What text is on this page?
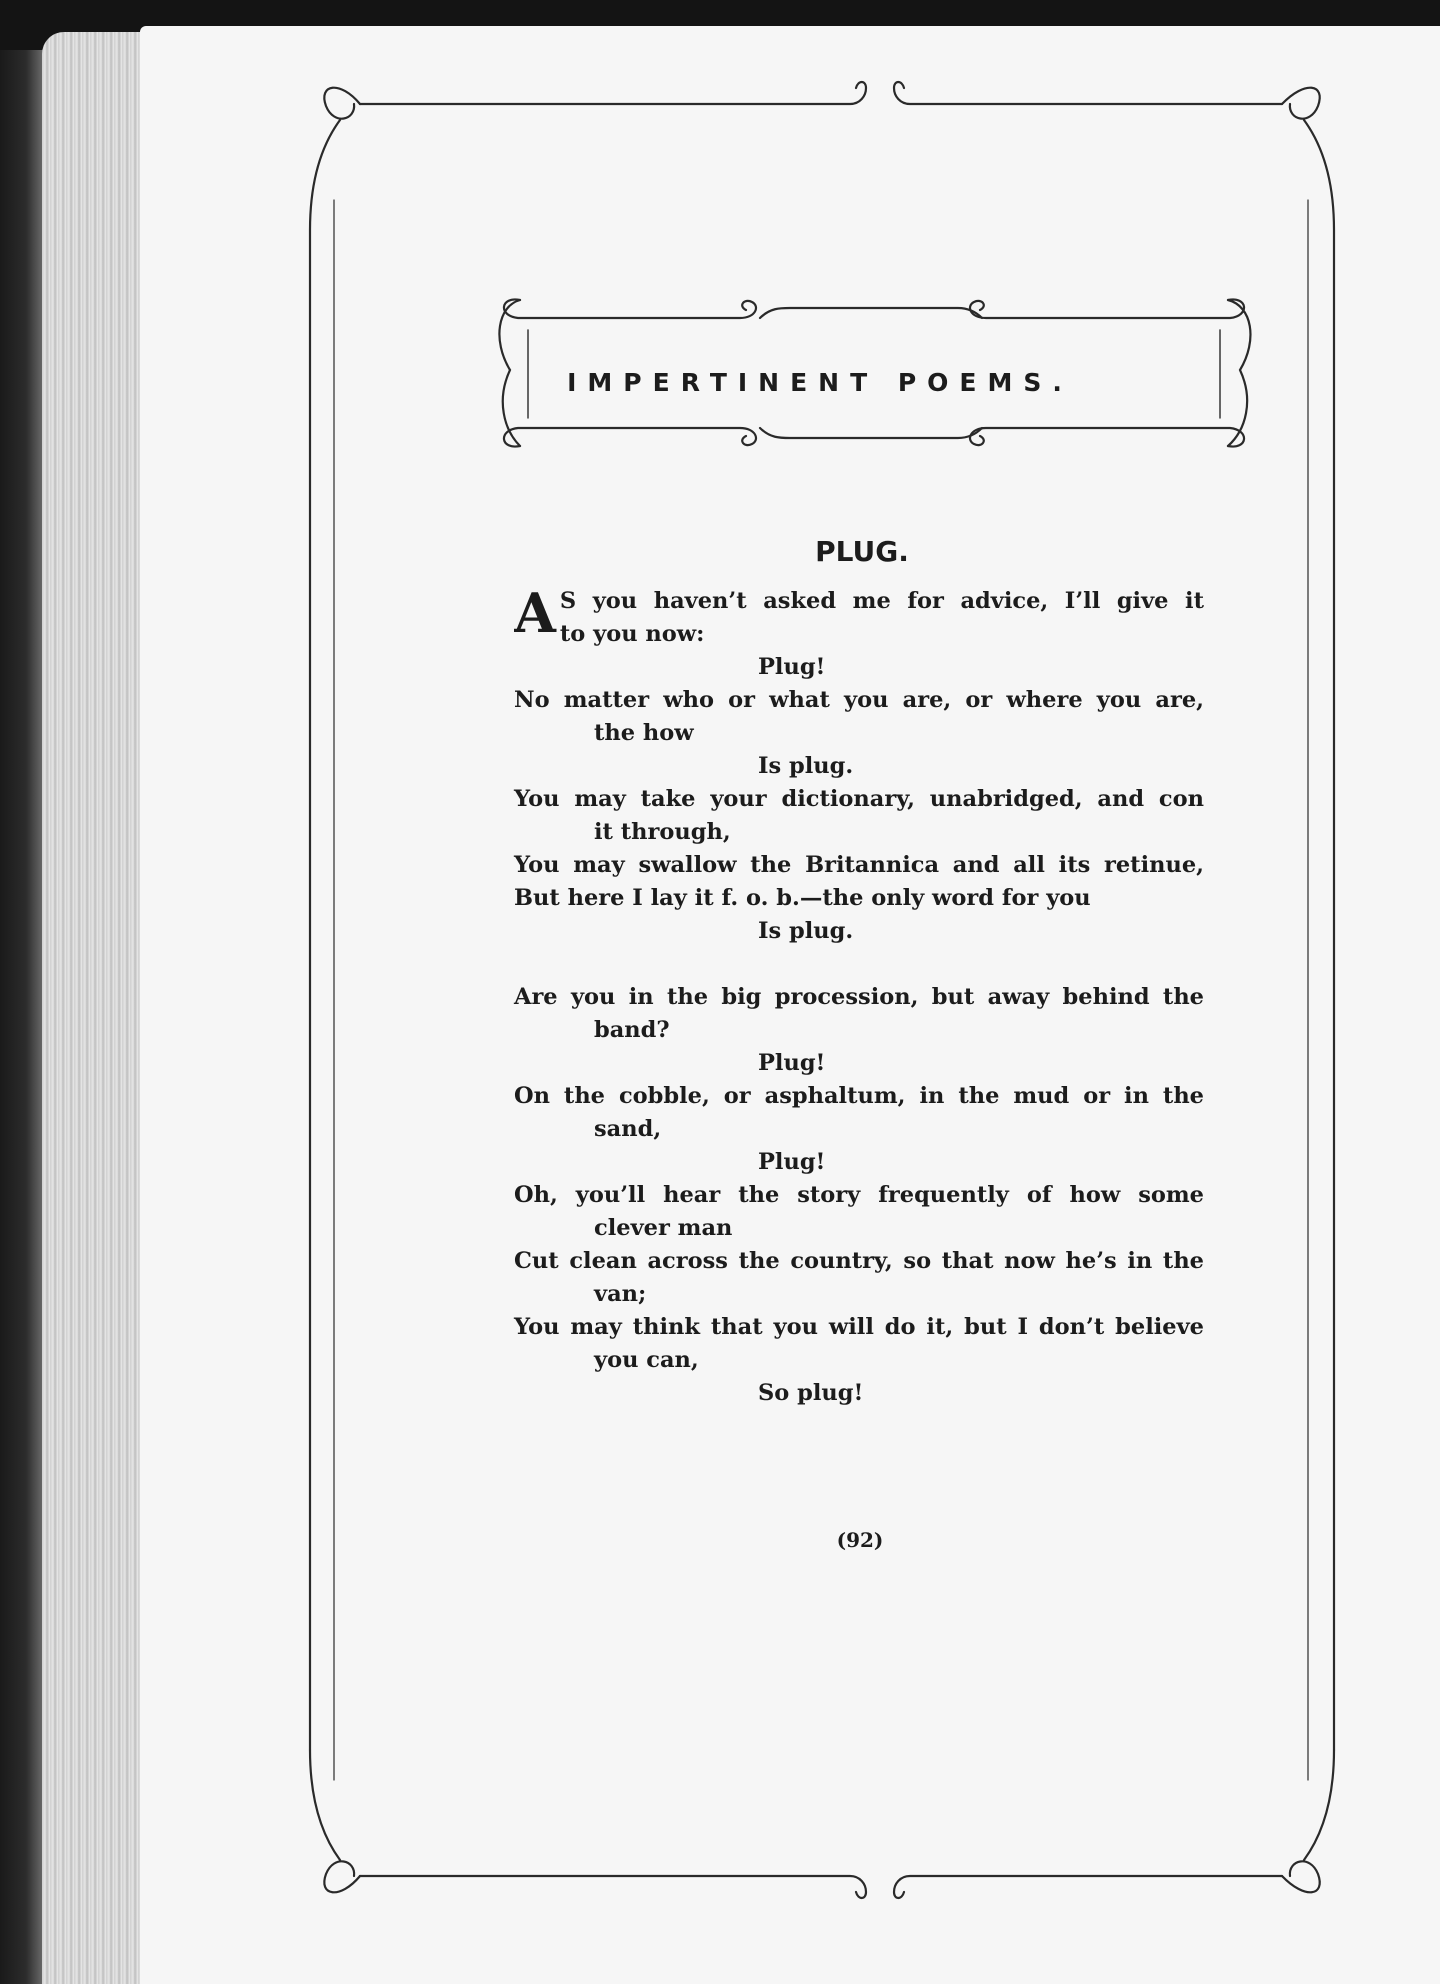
IMPERTINENT POEMS.
PLUG.
A S you haven’t asked me for advice, I’ll give it
to you now:
Plug!
No matter who or what you are, or where you are,
the how
Is plug.
You may take your dictionary, unabridged, and con
it through,
You may swallow the Britannica and all its retinue,
But here I lay it f. o. b.—the only word for you
Is plug.
Are you in the big procession, but away behind the
band?
Plug!
On the cobble, or asphaltum, in the mud or in the
sand,
Plug!
Oh, you’ll hear the story frequently of how some
clever man
Cut clean across the country, so that now he’s in the
van;
You may think that you will do it, but I don’t believe
you can,
So plug!
(92)
